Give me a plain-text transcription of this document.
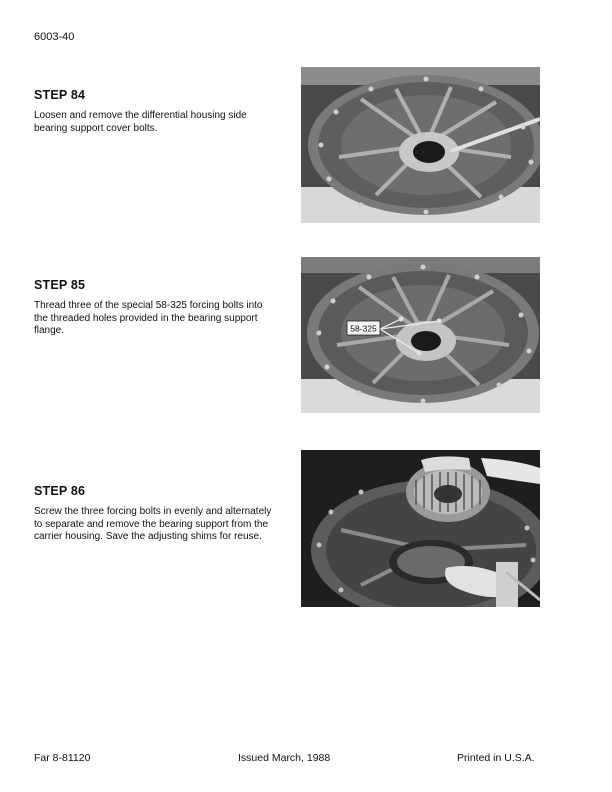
6003-40
STEP 84

Loosen and remove the differential housing side bearing support cover bolts.

STEP 85

Thread three of the special 58-325 forcing bolts into the threaded holes provided in the bearing support flange.	58-325
STEP 86

Screw the three forcing bolts in evenly and alternately to separate and remove the bearing support from the carrier housing. Save the adjusting shims for reuse.

Far 8-81120	Issued March, 1988	Printed in U.S.A.
